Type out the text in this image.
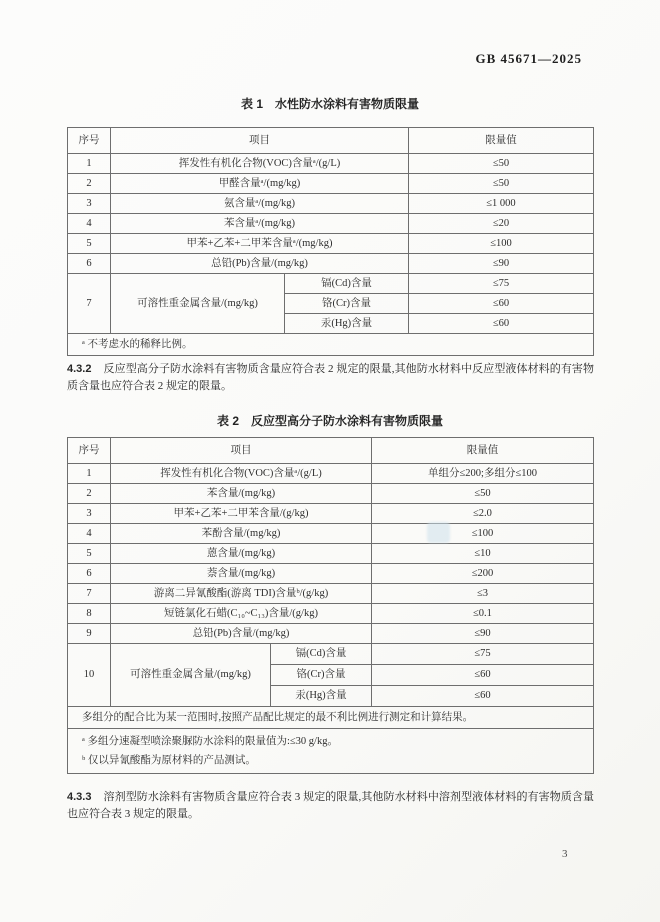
GB 45671—2025
表 1　水性防水涂料有害物质限量
序号	项目		限量值
1	挥发性有机化合物(VOC)含量ᵃ/(g/L)		≤50
2	甲醛含量ᵃ/(mg/kg)		≤50
3	氨含量ᵃ/(mg/kg)		≤1 000
4	苯含量ᵃ/(mg/kg)		≤20
5	甲苯+乙苯+二甲苯含量ᵃ/(mg/kg)		≤100
6	总铅(Pb)含量/(mg/kg)		≤90
7	可溶性重金属含量/(mg/kg)	镉(Cd)含量	≤75
		铬(Cr)含量	≤60
		汞(Hg)含量	≤60
ᵃ 不考虑水的稀释比例。			
4.3.2 反应型高分子防水涂料有害物质含量应符合表 2 规定的限量,其他防水材料中反应型液体材料的有害物质含量也应符合表 2 规定的限量。
表 2　反应型高分子防水涂料有害物质限量
序号	项目		限量值
1	挥发性有机化合物(VOC)含量ᵃ/(g/L)		单组分≤200;多组分≤100
2	苯含量/(mg/kg)		≤50
3	甲苯+乙苯+二甲苯含量/(g/kg)		≤2.0
4	苯酚含量/(mg/kg)		≤100
5	蒽含量/(mg/kg)		≤10
6	萘含量/(mg/kg)		≤200
7	游离二异氰酸酯(游离 TDI)含量ᵇ/(g/kg)		≤3
8	短链氯化石蜡(C₁₀~C₁₃)含量/(g/kg)		≤0.1
9	总铅(Pb)含量/(mg/kg)		≤90
10	可溶性重金属含量/(mg/kg)	镉(Cd)含量	≤75
		铬(Cr)含量	≤60
		汞(Hg)含量	≤60
多组分的配合比为某一范围时,按照产品配比规定的最不利比例进行测定和计算结果。			

ᵃ 多组分速凝型喷涂聚脲防水涂料的限量值为:≤30 g/kg。
ᵇ 仅以异氰酸酯为原材料的产品测试。			
4.3.3 溶剂型防水涂料有害物质含量应符合表 3 规定的限量,其他防水材料中溶剂型液体材料的有害物质含量也应符合表 3 规定的限量。
3
